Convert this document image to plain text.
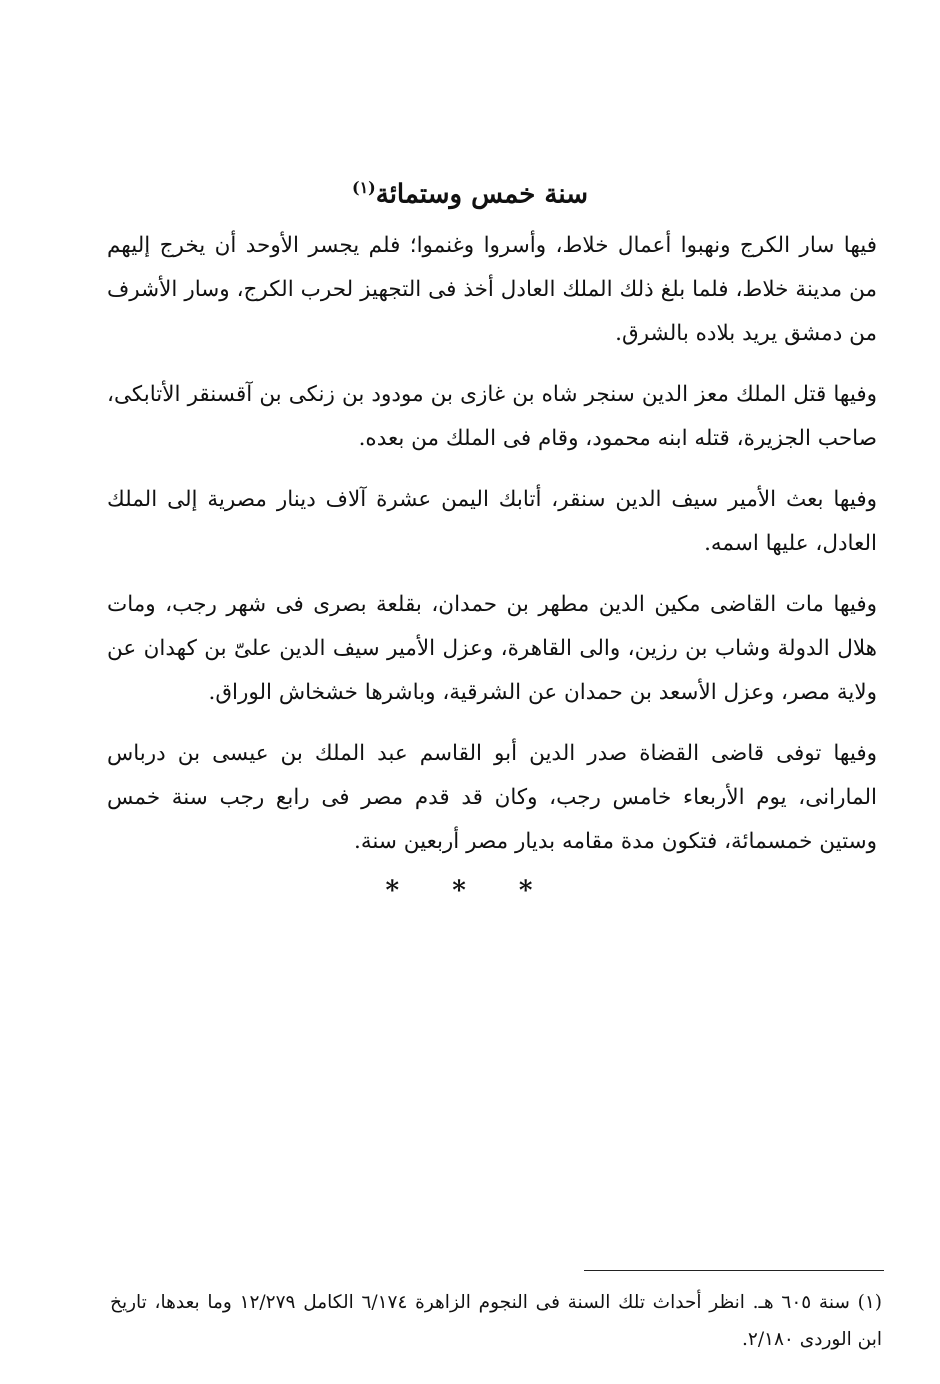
سنة خمس وستمائة$^{(١)}$

فيها سار الكرج ونهبوا أعمال خلاط، وأسروا وغنموا؛ فلم يجسر الأوحد أن يخرج إليهم من مدينة خلاط، فلما بلغ ذلك الملك العادل أخذ فى التجهيز لحرب الكرج، وسار الأشرف من دمشق يريد بلاده بالشرق.

وفيها قتل الملك معز الدين سنجر شاه بن غازى بن مودود بن زنكى بن آقسنقر الأتابكى، صاحب الجزيرة، قتله ابنه محمود، وقام فى الملك من بعده.

وفيها بعث الأمير سيف الدين سنقر، أتابك اليمن عشرة آلاف دينار مصرية إلى الملك العادل، عليها اسمه.

وفيها مات القاضى مكين الدين مطهر بن حمدان، بقلعة بصرى فى شهر رجب، ومات هلال الدولة وشاب بن رزين، والى القاهرة، وعزل الأمير سيف الدين علىّ بن كهدان عن ولاية مصر، وعزل الأسعد بن حمدان عن الشرقية، وباشرها خشخاش الوراق.

وفيها توفى قاضى القضاة صدر الدين أبو القاسم عبد الملك بن عيسى بن درباس المارانى، يوم الأربعاء خامس رجب، وكان قد قدم مصر فى رابع رجب سنة خمس وستين خمسمائة، فتكون مدة مقامه بديار مصر أربعين سنة.

* * *
(١) سنة ٦٠٥ هـ. انظر أحداث تلك السنة فى النجوم الزاهرة ٦/١٧٤ الكامل ١٢/٢٧٩ وما بعدها، تاريخ ابن الوردى ٢/١٨٠.
